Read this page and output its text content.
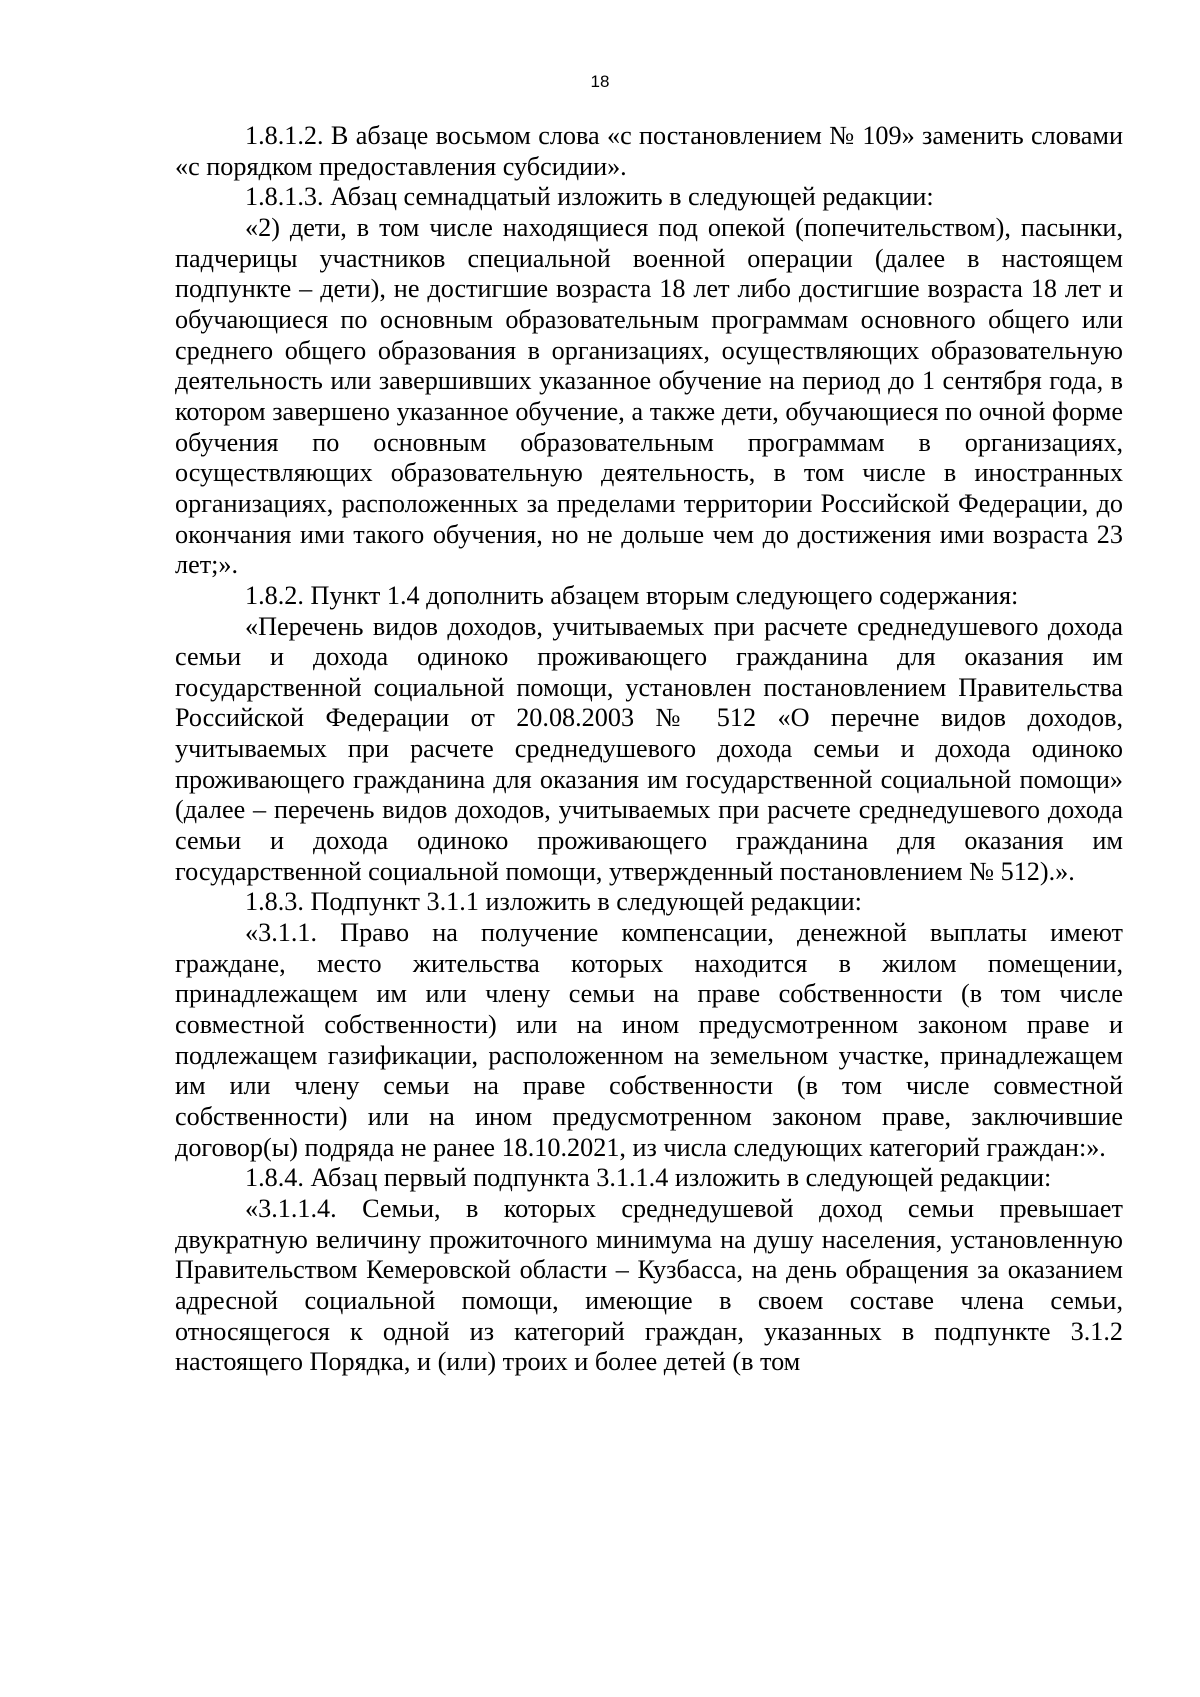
18

1.8.1.2. В абзаце восьмом слова «с постановлением № 109» заменить словами «с порядком предоставления субсидии».

1.8.1.3. Абзац семнадцатый изложить в следующей редакции:

«2) дети, в том числе находящиеся под опекой (попечительством), пасынки, падчерицы участников специальной военной операции (далее в настоящем подпункте – дети), не достигшие возраста 18 лет либо достигшие возраста 18 лет и обучающиеся по основным образовательным программам основного общего или среднего общего образования в организациях, осуществляющих образовательную деятельность или завершивших указанное обучение на период до 1 сентября года, в котором завершено указанное обучение, а также дети, обучающиеся по очной форме обучения по основным образовательным программам в организациях, осуществляющих образовательную деятельность, в том числе в иностранных организациях, расположенных за пределами территории Российской Федерации, до окончания ими такого обучения, но не дольше чем до достижения ими возраста 23 лет;».

1.8.2. Пункт 1.4 дополнить абзацем вторым следующего содержания:

«Перечень видов доходов, учитываемых при расчете среднедушевого дохода семьи и дохода одиноко проживающего гражданина для оказания им государственной социальной помощи, установлен постановлением Правительства Российской Федерации от 20.08.2003 № 512 «О перечне видов доходов, учитываемых при расчете среднедушевого дохода семьи и дохода одиноко проживающего гражданина для оказания им государственной социальной помощи» (далее – перечень видов доходов, учитываемых при расчете среднедушевого дохода семьи и дохода одиноко проживающего гражданина для оказания им государственной социальной помощи, утвержденный постановлением № 512).».

1.8.3. Подпункт 3.1.1 изложить в следующей редакции:

«3.1.1. Право на получение компенсации, денежной выплаты имеют граждане, место жительства которых находится в жилом помещении, принадлежащем им или члену семьи на праве собственности (в том числе совместной собственности) или на ином предусмотренном законом праве и подлежащем газификации, расположенном на земельном участке, принадлежащем им или члену семьи на праве собственности (в том числе совместной собственности) или на ином предусмотренном законом праве, заключившие договор(ы) подряда не ранее 18.10.2021, из числа следующих категорий граждан:».

1.8.4. Абзац первый подпункта 3.1.1.4 изложить в следующей редакции:

«3.1.1.4. Семьи, в которых среднедушевой доход семьи превышает двукратную величину прожиточного минимума на душу населения, установленную Правительством Кемеровской области – Кузбасса, на день обращения за оказанием адресной социальной помощи, имеющие в своем составе члена семьи, относящегося к одной из категорий граждан, указанных в подпункте 3.1.2 настоящего Порядка, и (или) троих и более детей (в том
